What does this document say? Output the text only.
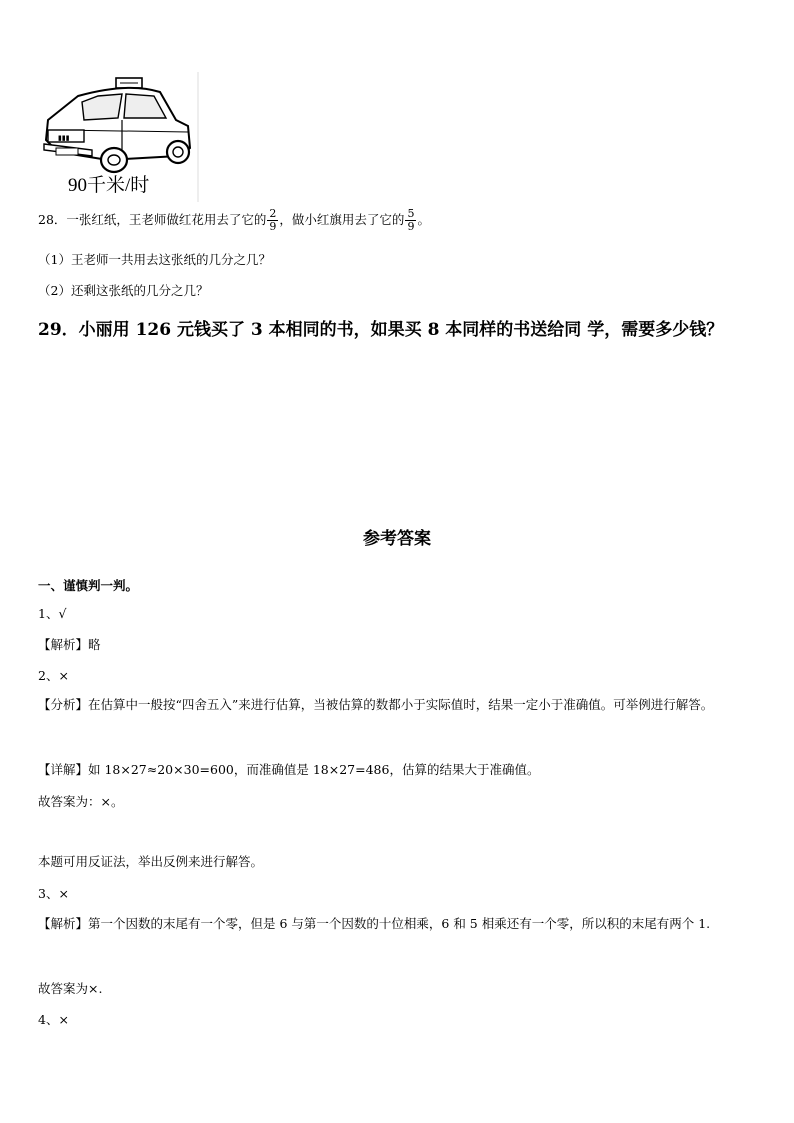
▮▮▮
90千米/时
28．一张红纸，王老师做红花用去了它的 $\frac{2}{9}$ ，做小红旗用去了它的 $\frac{5}{9}$ 。
（1）王老师一共用去这张纸的几分之几？
（2）还剩这张纸的几分之几？
29．小丽用 126 元钱买了 3 本相同的书，如果买 8 本同样的书送给同 学，需要多少钱？
参考答案
一、谨慎判一判。
1、√
【解析】略
2、×
【分析】在估算中一般按“四舍五入”来进行估算，当被估算的数都小于实际值时，结果一定小于准确值。可举例进行解答。
【详解】如 18×27≈20×30=600，而准确值是 18×27=486，估算的结果大于准确值。
故答案为：×。
本题可用反证法，举出反例来进行解答。
3、×
【解析】第一个因数的末尾有一个零，但是 6 与第一个因数的十位相乘，6 和 5 相乘还有一个零，所以积的末尾有两个 1.
故答案为×.
4、×
